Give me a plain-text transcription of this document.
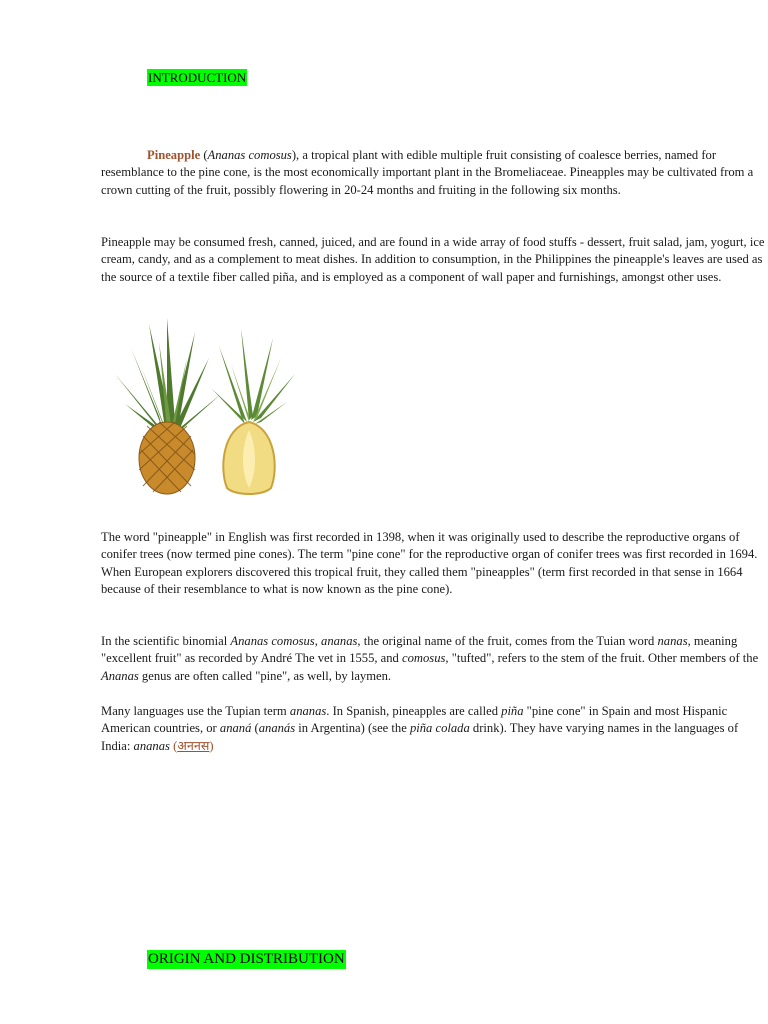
INTRODUCTION

Pineapple (Ananas comosus), a tropical plant with edible multiple fruit consisting of coalesce berries, named for resemblance to the pine cone, is the most economically important plant in the Bromeliaceae. Pineapples may be cultivated from a crown cutting of the fruit, possibly flowering in 20-24 months and fruiting in the following six months.

Pineapple may be consumed fresh, canned, juiced, and are found in a wide array of food stuffs - dessert, fruit salad, jam, yogurt, ice cream, candy, and as a complement to meat dishes. In addition to consumption, in the Philippines the pineapple's leaves are used as the source of a textile fiber called piña, and is employed as a component of wall paper and furnishings, amongst other uses.

The word "pineapple" in English was first recorded in 1398, when it was originally used to describe the reproductive organs of conifer trees (now termed pine cones). The term "pine cone" for the reproductive organ of conifer trees was first recorded in 1694. When European explorers discovered this tropical fruit, they called them "pineapples" (term first recorded in that sense in 1664 because of their resemblance to what is now known as the pine cone).

In the scientific binomial Ananas comosus, ananas, the original name of the fruit, comes from the Tuian word nanas, meaning "excellent fruit" as recorded by André The vet in 1555, and comosus, "tufted", refers to the stem of the fruit. Other members of the Ananas genus are often called "pine", as well, by laymen.

Many languages use the Tupian term ananas. In Spanish, pineapples are called piña "pine cone" in Spain and most Hispanic American countries, or ananá (ananás in Argentina) (see the piña colada drink). They have varying names in the languages of India: ananas (अननस)

ORIGIN AND DISTRIBUTION
